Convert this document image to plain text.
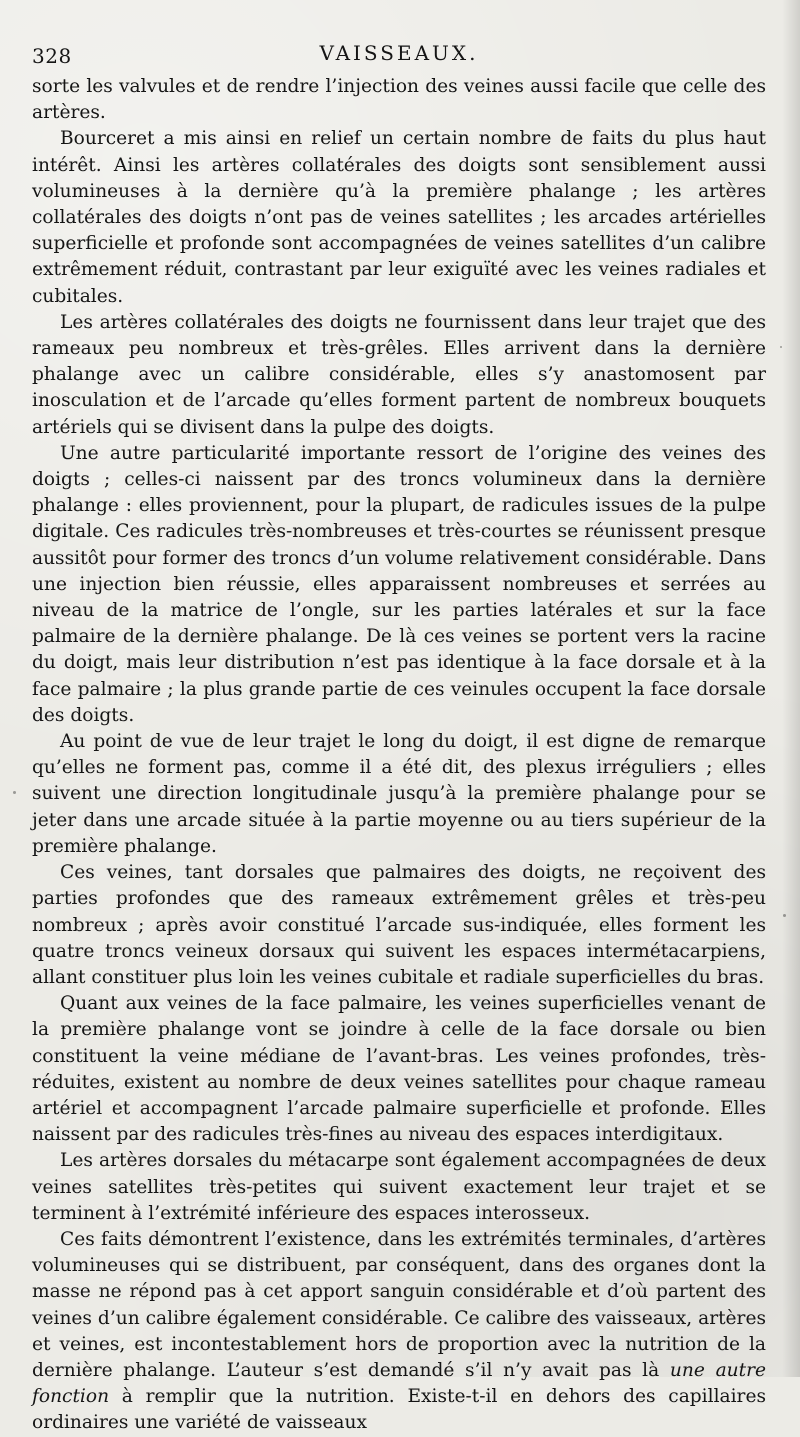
328	VAISSEAUX.

sorte les valvules et de rendre l’injection des veines aussi facile que celle des artères.

Bourceret a mis ainsi en relief un certain nombre de faits du plus haut intérêt. Ainsi les artères collatérales des doigts sont sensiblement aussi volumineuses à la dernière qu’à la première phalange ; les artères collatérales des doigts n’ont pas de veines satellites ; les arcades artérielles superficielle et profonde sont accompagnées de veines satellites d’un calibre extrêmement réduit, contrastant par leur exiguïté avec les veines radiales et cubitales.

Les artères collatérales des doigts ne fournissent dans leur trajet que des rameaux peu nombreux et très-grêles. Elles arrivent dans la dernière phalange avec un calibre considérable, elles s’y anastomosent par inosculation et de l’arcade qu’elles forment partent de nombreux bouquets artériels qui se divisent dans la pulpe des doigts.

Une autre particularité importante ressort de l’origine des veines des doigts ; celles-ci naissent par des troncs volumineux dans la dernière phalange : elles proviennent, pour la plupart, de radicules issues de la pulpe digitale. Ces radicules très-nombreuses et très-courtes se réunissent presque aussitôt pour former des troncs d’un volume relativement considérable. Dans une injection bien réussie, elles apparaissent nombreuses et serrées au niveau de la matrice de l’ongle, sur les parties latérales et sur la face palmaire de la dernière phalange. De là ces veines se portent vers la racine du doigt, mais leur distribution n’est pas identique à la face dorsale et à la face palmaire ; la plus grande partie de ces veinules occupent la face dorsale des doigts.

Au point de vue de leur trajet le long du doigt, il est digne de remarque qu’elles ne forment pas, comme il a été dit, des plexus irréguliers ; elles suivent une direction longitudinale jusqu’à la première phalange pour se jeter dans une arcade située à la partie moyenne ou au tiers supérieur de la première phalange.

Ces veines, tant dorsales que palmaires des doigts, ne reçoivent des parties profondes que des rameaux extrêmement grêles et très-peu nombreux ; après avoir constitué l’arcade sus-indiquée, elles forment les quatre troncs veineux dorsaux qui suivent les espaces intermétacarpiens, allant constituer plus loin les veines cubitale et radiale superficielles du bras.

Quant aux veines de la face palmaire, les veines superficielles venant de la première phalange vont se joindre à celle de la face dorsale ou bien constituent la veine médiane de l’avant-bras. Les veines profondes, très-réduites, existent au nombre de deux veines satellites pour chaque rameau artériel et accompagnent l’arcade palmaire superficielle et profonde. Elles naissent par des radicules très-fines au niveau des espaces interdigitaux.

Les artères dorsales du métacarpe sont également accompagnées de deux veines satellites très-petites qui suivent exactement leur trajet et se terminent à l’extrémité inférieure des espaces interosseux.

Ces faits démontrent l’existence, dans les extrémités terminales, d’artères volumineuses qui se distribuent, par conséquent, dans des organes dont la masse ne répond pas à cet apport sanguin considérable et d’où partent des veines d’un calibre également considérable. Ce calibre des vaisseaux, artères et veines, est incontestablement hors de proportion avec la nutrition de la dernière phalange. L’auteur s’est demandé s’il n’y avait pas là une autre fonction à remplir que la nutrition. Existe-t-il en dehors des capillaires ordinaires une variété de vaisseaux
